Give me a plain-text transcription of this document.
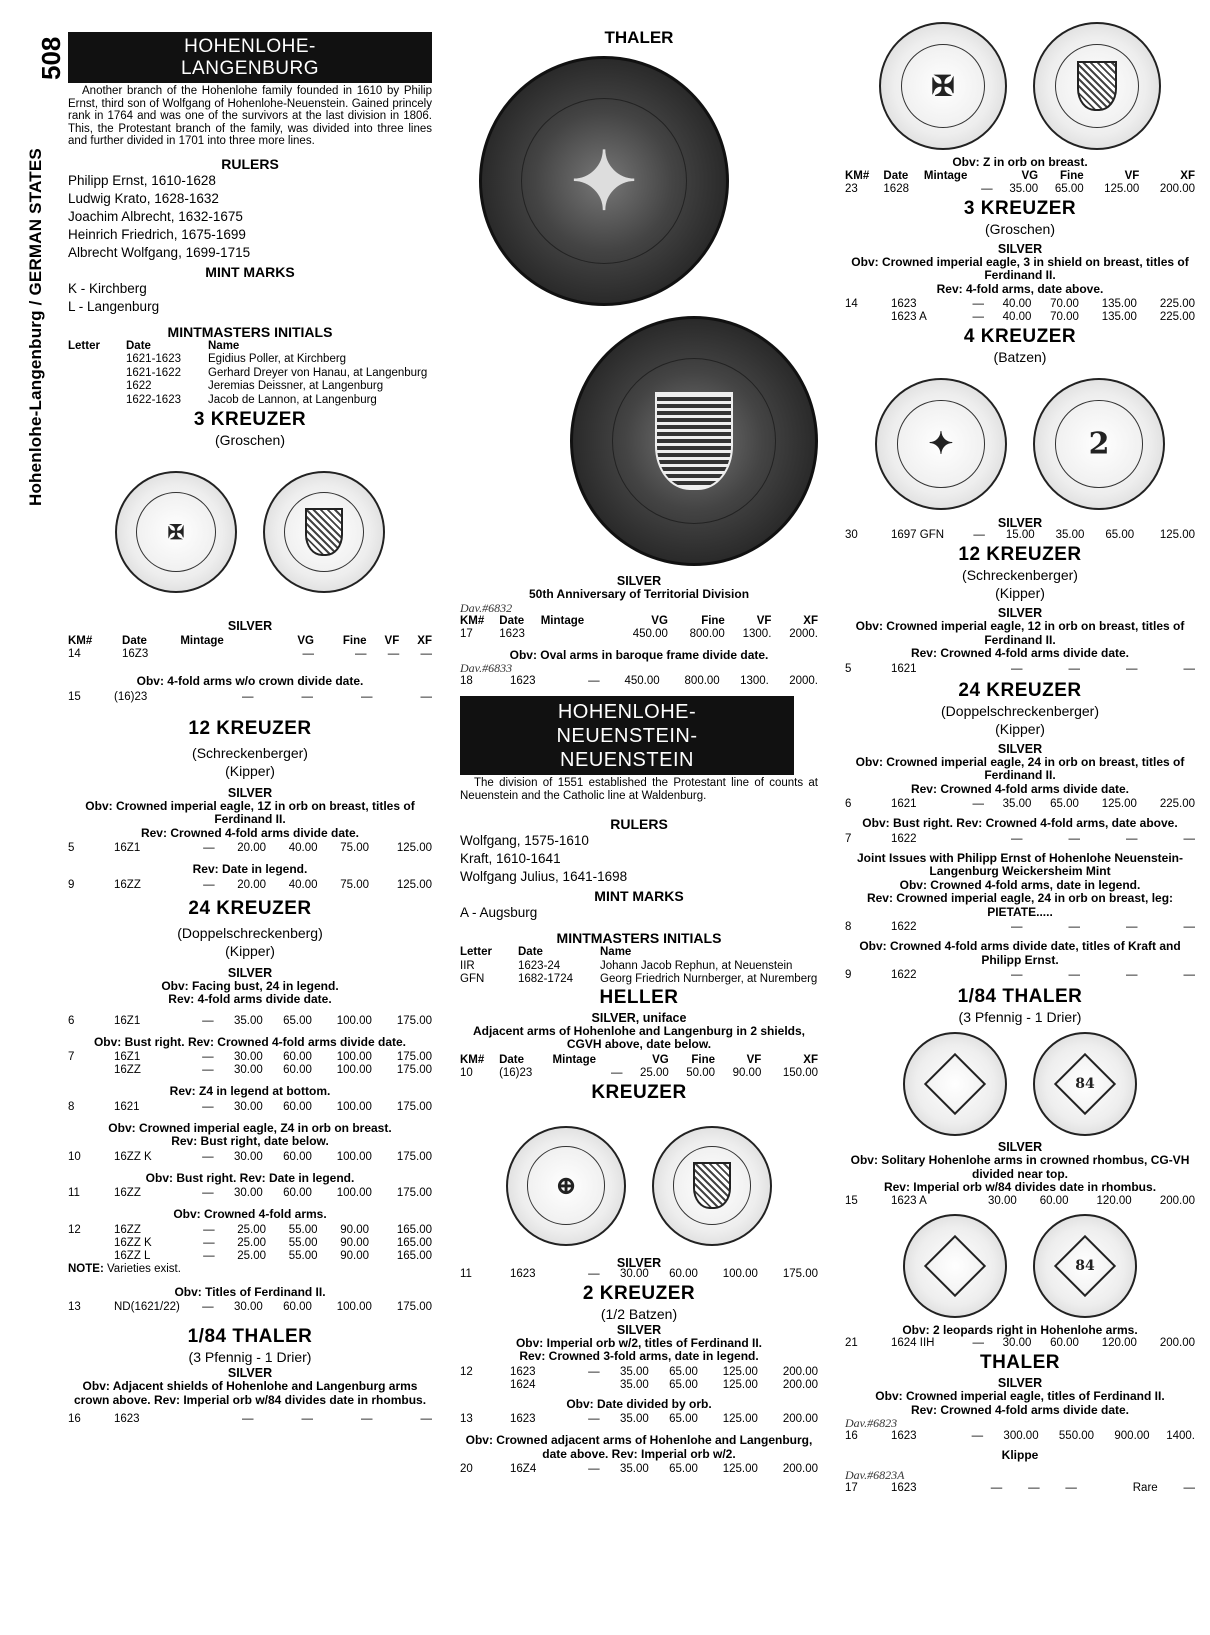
508
Hohenlohe-Langenburg / GERMAN STATES
HOHENLOHE-
LANGENBURG

Another branch of the Hohenlohe family founded in 1610 by Philip Ernst, third son of Wolfgang of Hohenlohe-Neuenstein. Gained princely rank in 1764 and was one of the survivors at the last division in 1806. This, the Protestant branch of the family, was divided into three lines and further divided in 1701 into three more lines.

RULERS
Philipp Ernst, 1610-1628
Ludwig Krato, 1628-1632
Joachim Albrecht, 1632-1675
Heinrich Friedrich, 1675-1699
Albrecht Wolfgang, 1699-1715
MINT MARKS
K - Kirchberg
L - Langenburg
MINTMASTERS INITIALS
Letter	Date	Name
	1621-1623	Egidius Poller, at Kirchberg
	1621-1622	Gerhard Dreyer von Hanau, at Langenburg
	1622	Jeremias Deissner, at Langenburg
	1622-1623	Jacob de Lannon, at Langenburg
3 KREUZER
(Groschen)
✠
SILVER
KM#	Date	Mintage	VG	Fine	VF	XF
14	16Z3		—	—	—	—
Obv: 4-fold arms w/o crown divide date.
15	(16)23		—	—	—	—
12 KREUZER
(Schreckenberger)
(Kipper)
SILVER
Obv: Crowned imperial eagle, 1Z in orb on breast, titles of Ferdinand II.
Rev: Crowned 4-fold arms divide date.
5	16Z1	—	20.00	40.00	75.00	125.00
Rev: Date in legend.
9	16ZZ	—	20.00	40.00	75.00	125.00
24 KREUZER
(Doppelschreckenberg)
(Kipper)
SILVER
Obv: Facing bust, 24 in legend.
Rev: 4-fold arms divide date.
6	16Z1	—	35.00	65.00	100.00	175.00
Obv: Bust right. Rev: Crowned 4-fold arms divide date.
7	16Z1	—	30.00	60.00	100.00	175.00
	16ZZ	—	30.00	60.00	100.00	175.00
Rev: Z4 in legend at bottom.
8	1621	—	30.00	60.00	100.00	175.00
Obv: Crowned imperial eagle, Z4 in orb on breast.
Rev: Bust right, date below.
10	16ZZ K	—	30.00	60.00	100.00	175.00
Obv: Bust right. Rev: Date in legend.
11	16ZZ	—	30.00	60.00	100.00	175.00
Obv: Crowned 4-fold arms.
12	16ZZ	—	25.00	55.00	90.00	165.00
	16ZZ K	—	25.00	55.00	90.00	165.00
	16ZZ L	—	25.00	55.00	90.00	165.00
NOTE: Varieties exist.
Obv: Titles of Ferdinand II.
13	ND(1621/22)	—	30.00	60.00	100.00	175.00
1/84 THALER
(3 Pfennig - 1 Drier)
SILVER
Obv: Adjacent shields of Hohenlohe and Langenburg arms crown above. Rev: Imperial orb w/84 divides date in rhombus.
16	1623		—	—	—	—
THALER
✦
SILVER
50th Anniversary of Territorial Division
Dav.#6832
KM#	Date	Mintage	VG	Fine	VF	XF
17	1623		450.00	800.00	1300.	2000.
Obv: Oval arms in baroque frame divide date.
Dav.#6833
18	1623	—	450.00	800.00	1300.	2000.
HOHENLOHE-
NEUENSTEIN-
NEUENSTEIN

The division of 1551 established the Protestant line of counts at Neuenstein and the Catholic line at Waldenburg.

RULERS
Wolfgang, 1575-1610
Kraft, 1610-1641
Wolfgang Julius, 1641-1698
MINT MARKS
A - Augsburg
MINTMASTERS INITIALS
Letter	Date	Name
IIR	1623-24	Johann Jacob Rephun, at Neuenstein
GFN	1682-1724	Georg Friedrich Nurnberger, at Nuremberg
HELLER
SILVER, uniface
Adjacent arms of Hohenlohe and Langenburg in 2 shields, CGVH above, date below.
KM#	Date	Mintage	VG	Fine	VF	XF
10	(16)23	—	25.00	50.00	90.00	150.00
KREUZER
⊕
SILVER
11	1623	—	30.00	60.00	100.00	175.00
2 KREUZER
(1/2 Batzen)
SILVER
Obv: Imperial orb w/2, titles of Ferdinand II.
Rev: Crowned 3-fold arms, date in legend.
12	1623	—	35.00	65.00	125.00	200.00
	1624		35.00	65.00	125.00	200.00
Obv: Date divided by orb.
13	1623	—	35.00	65.00	125.00	200.00
Obv: Crowned adjacent arms of Hohenlohe and Langenburg, date above. Rev: Imperial orb w/2.
20	16Z4	—	35.00	65.00	125.00	200.00
✠
Obv: Z in orb on breast.
KM#	Date	Mintage	VG	Fine	VF	XF
23	1628	—	35.00	65.00	125.00	200.00
3 KREUZER
(Groschen)
SILVER
Obv: Crowned imperial eagle, 3 in shield on breast, titles of Ferdinand II.
Rev: 4-fold arms, date above.
14	1623	—	40.00	70.00	135.00	225.00
	1623 A	—	40.00	70.00	135.00	225.00
4 KREUZER
(Batzen)
✦	2
SILVER
30	1697 GFN	—	15.00	35.00	65.00	125.00
12 KREUZER
(Schreckenberger)
(Kipper)
SILVER
Obv: Crowned imperial eagle, 12 in orb on breast, titles of Ferdinand II.
Rev: Crowned 4-fold arms divide date.
5	1621		—	—	—	—
24 KREUZER
(Doppelschreckenberger)
(Kipper)
SILVER
Obv: Crowned imperial eagle, 24 in orb on breast, titles of Ferdinand II.
Rev: Crowned 4-fold arms divide date.
6	1621	—	35.00	65.00	125.00	225.00
Obv: Bust right. Rev: Crowned 4-fold arms, date above.
7	1622		—	—	—	—
Joint Issues with Philipp Ernst of Hohenlohe Neuenstein-Langenburg Weickersheim Mint
Obv: Crowned 4-fold arms, date in legend.
Rev: Crowned imperial eagle, 24 in orb on breast, leg: PIETATE.....
8	1622		—	—	—	—
Obv: Crowned 4-fold arms divide date, titles of Kraft and Philipp Ernst.
9	1622		—	—	—	—
1/84 THALER
(3 Pfennig - 1 Drier)
84
SILVER
Obv: Solitary Hohenlohe arms in crowned rhombus, CG-VH divided near top.
Rev: Imperial orb w/84 divides date in rhombus.
15	1623 A		30.00	60.00	120.00	200.00
84
Obv: 2 leopards right in Hohenlohe arms.
21	1624 IIH	—	30.00	60.00	120.00	200.00
THALER
SILVER
Obv: Crowned imperial eagle, titles of Ferdinand II.
Rev: Crowned 4-fold arms divide date.
Dav.#6823
16	1623	—	300.00	550.00	900.00	1400.
Klippe
Dav.#6823A
17	1623	—	—	—	Rare	—
